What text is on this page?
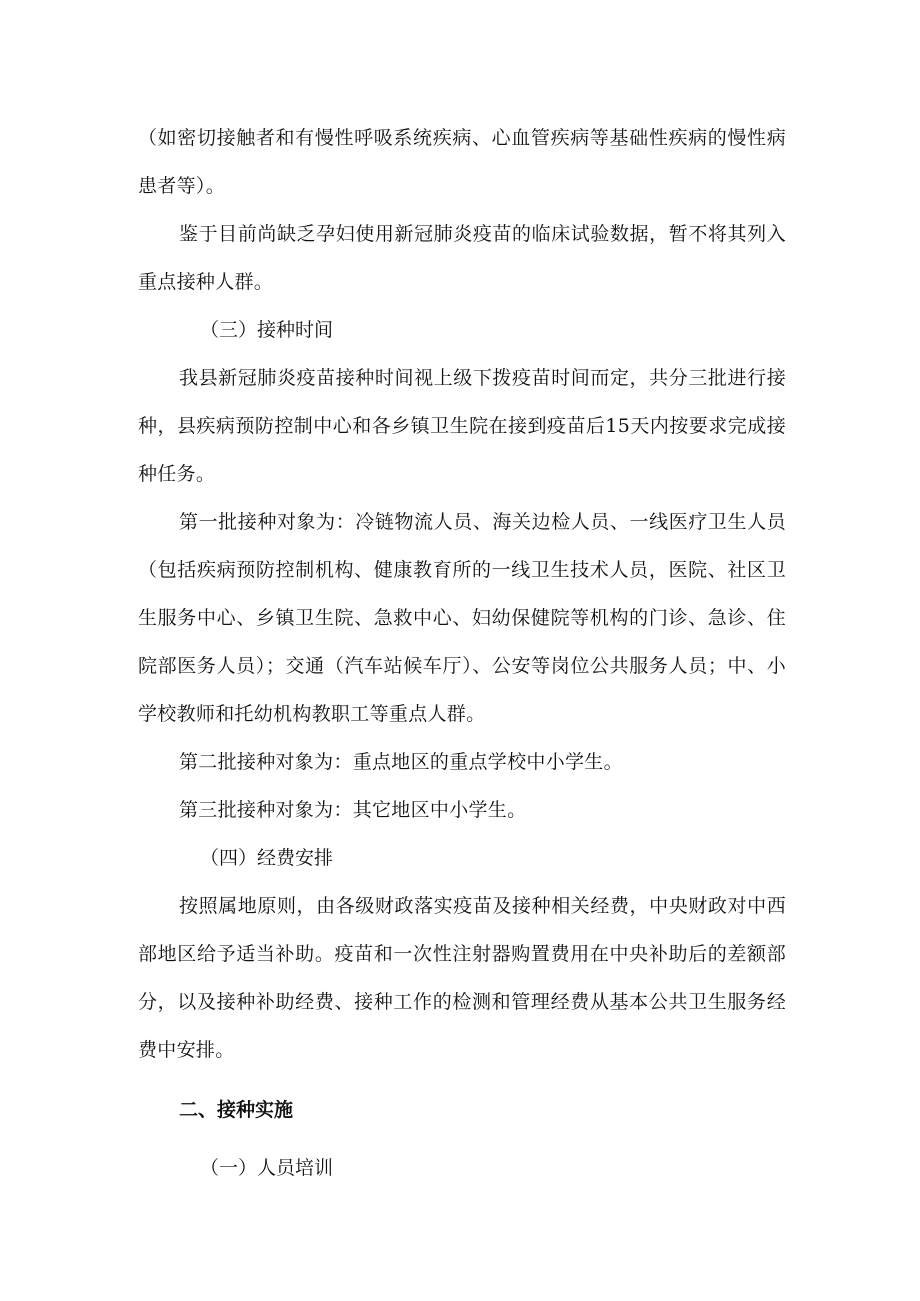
（如密切接触者和有慢性呼吸系统疾病、心血管疾病等基础性疾病的慢性病患者等）。

鉴于目前尚缺乏孕妇使用新冠肺炎疫苗的临床试验数据，暂不将其列入重点接种人群。

（三）接种时间

我县新冠肺炎疫苗接种时间视上级下拨疫苗时间而定，共分三批进行接种，县疾病预防控制中心和各乡镇卫生院在接到疫苗后15天内按要求完成接种任务。

第一批接种对象为：冷链物流人员、海关边检人员、一线医疗卫生人员（包括疾病预防控制机构、健康教育所的一线卫生技术人员，医院、社区卫生服务中心、乡镇卫生院、急救中心、妇幼保健院等机构的门诊、急诊、住院部医务人员）；交通（汽车站候车厅）、公安等岗位公共服务人员；中、小学校教师和托幼机构教职工等重点人群。

第二批接种对象为：重点地区的重点学校中小学生。

第三批接种对象为：其它地区中小学生。

（四）经费安排

按照属地原则，由各级财政落实疫苗及接种相关经费，中央财政对中西部地区给予适当补助。疫苗和一次性注射器购置费用在中央补助后的差额部分，以及接种补助经费、接种工作的检测和管理经费从基本公共卫生服务经费中安排。

二、接种实施

（一）人员培训
